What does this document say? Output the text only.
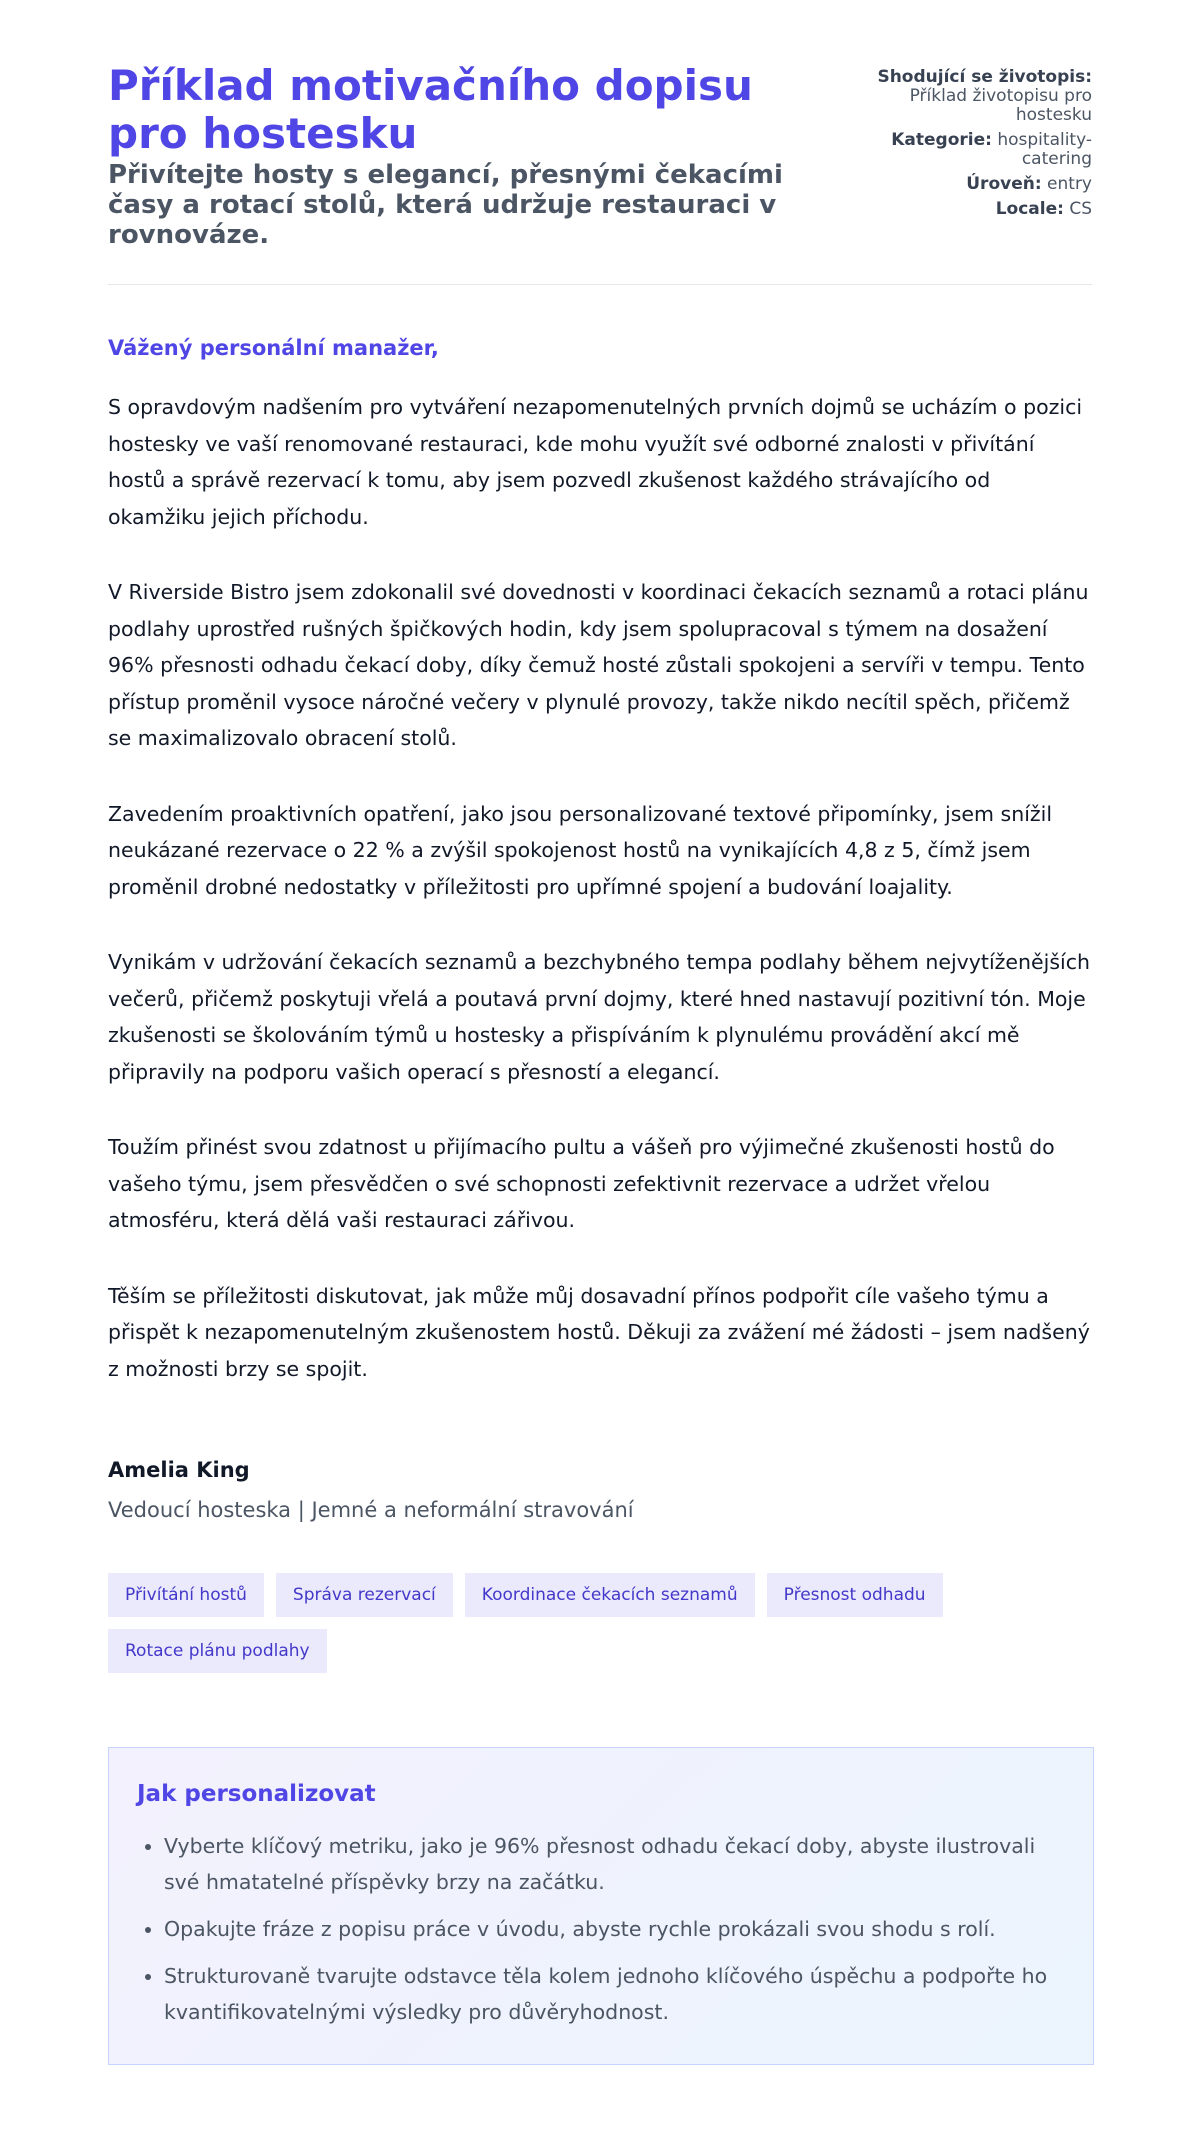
Příklad motivačního dopisu pro hostesku
Přivítejte hosty s elegancí, přesnými čekacími časy a rotací stolů, která udržuje restauraci v rovnováze.
Shodující se životopis: Příklad životopisu pro hostesku
Kategorie: hospitality-catering
Úroveň: entry
Locale: CS
Vážený personální manažer,

S opravdovým nadšením pro vytváření nezapomenutelných prvních dojmů se ucházím o pozici hostesky ve vaší renomované restauraci, kde mohu využít své odborné znalosti v přivítání hostů a správě rezervací k tomu, aby jsem pozvedl zkušenost každého strávajícího od okamžiku jejich příchodu.

V Riverside Bistro jsem zdokonalil své dovednosti v koordinaci čekacích seznamů a rotaci plánu podlahy uprostřed rušných špičkových hodin, kdy jsem spolupracoval s týmem na dosažení 96% přesnosti odhadu čekací doby, díky čemuž hosté zůstali spokojeni a servíři v tempu. Tento přístup proměnil vysoce náročné večery v plynulé provozy, takže nikdo necítil spěch, přičemž se maximalizovalo obracení stolů.

Zavedením proaktivních opatření, jako jsou personalizované textové připomínky, jsem snížil neukázané rezervace o 22 % a zvýšil spokojenost hostů na vynikajících 4,8 z 5, čímž jsem proměnil drobné nedostatky v příležitosti pro upřímné spojení a budování loajality.

Vynikám v udržování čekacích seznamů a bezchybného tempa podlahy během nejvytíženějších večerů, přičemž poskytuji vřelá a poutavá první dojmy, které hned nastavují pozitivní tón. Moje zkušenosti se školováním týmů u hostesky a přispíváním k plynulému provádění akcí mě připravily na podporu vašich operací s přesností a elegancí.

Toužím přinést svou zdatnost u přijímacího pultu a vášeň pro výjimečné zkušenosti hostů do vašeho týmu, jsem přesvědčen o své schopnosti zefektivnit rezervace a udržet vřelou atmosféru, která dělá vaši restauraci zářivou.

Těším se příležitosti diskutovat, jak může můj dosavadní přínos podpořit cíle vašeho týmu a přispět k nezapomenutelným zkušenostem hostů. Děkuji za zvážení mé žádosti – jsem nadšený z možnosti brzy se spojit.

Amelia King
Vedoucí hosteska | Jemné a neformální stravování
Přivítání hostů	Správa rezervací	Koordinace čekacích seznamů	Přesnost odhadu
Rotace plánu podlahy
Jak personalizovat
• Vyberte klíčový metriku, jako je 96% přesnost odhadu čekací doby, abyste ilustrovali své hmatatelné příspěvky brzy na začátku.
• Opakujte fráze z popisu práce v úvodu, abyste rychle prokázali svou shodu s rolí.
• Strukturovaně tvarujte odstavce těla kolem jednoho klíčového úspěchu a podpořte ho kvantifikovatelnými výsledky pro důvěryhodnost.
